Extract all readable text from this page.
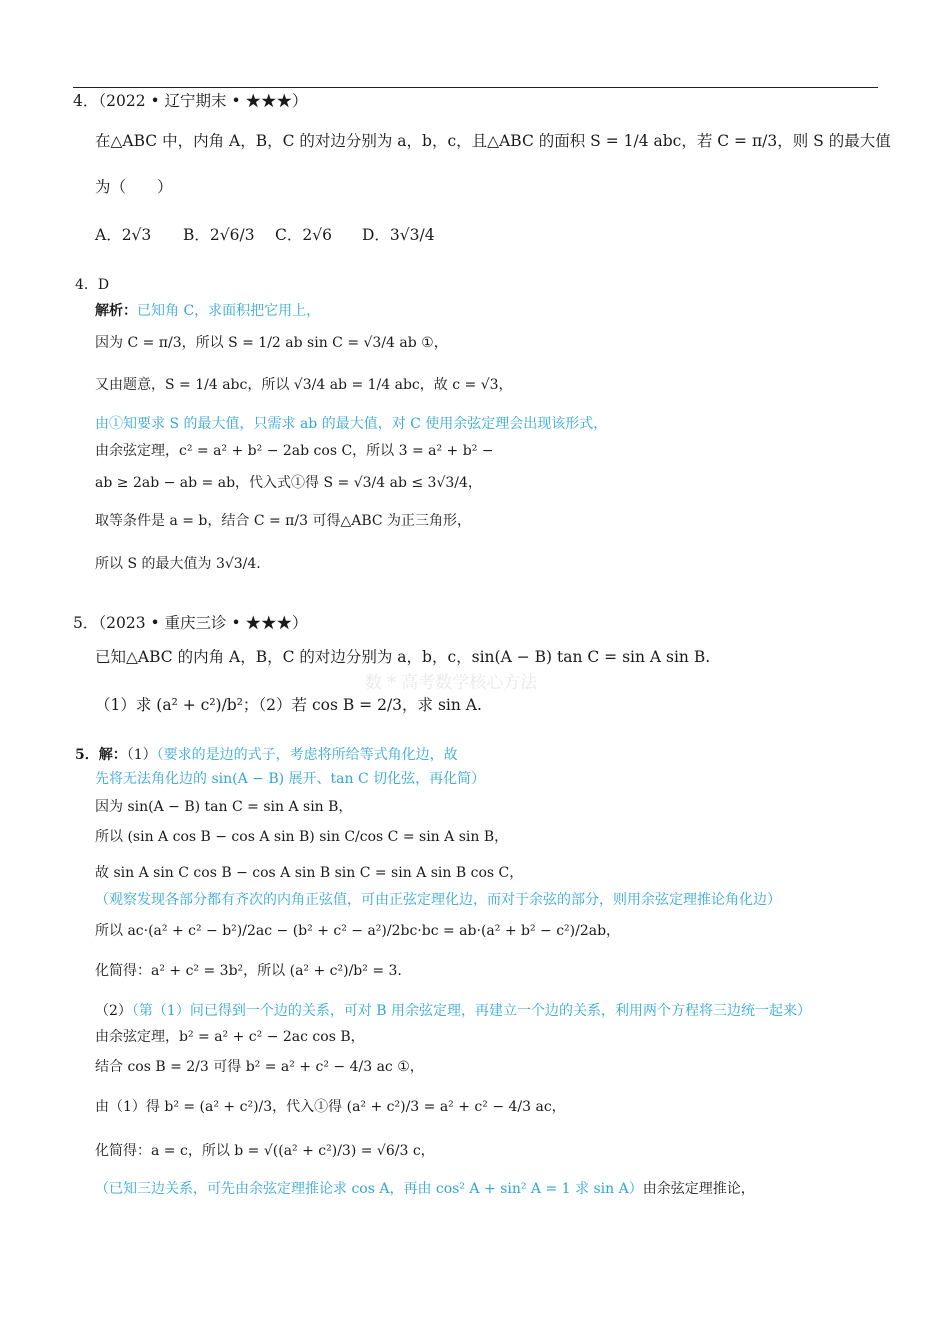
数 * 高考数学核心方法
4．（2022 • 辽宁期末 • ★★★）
在△ABC 中，内角 A，B，C 的对边分别为 a，b，c，且△ABC 的面积 S = 1/4 abc，若 C = π/3，则 S 的最大值
为（　　）
A．2√3 B．2√6/3 C．2√6 D．3√3/4
4．D
解析：已知角 C，求面积把它用上，
因为 C = π/3，所以 S = 1/2 ab sin C = √3/4 ab ①，
又由题意，S = 1/4 abc，所以 √3/4 ab = 1/4 abc，故 c = √3，
由①知要求 S 的最大值，只需求 ab 的最大值，对 C 使用余弦定理会出现该形式，
由余弦定理，c² = a² + b² − 2ab cos C，所以 3 = a² + b² −
ab ≥ 2ab − ab = ab，代入式①得 S = √3/4 ab ≤ 3√3/4，
取等条件是 a = b，结合 C = π/3 可得△ABC 为正三角形，
所以 S 的最大值为 3√3/4.
5．（2023 • 重庆三诊 • ★★★）
已知△ABC 的内角 A，B，C 的对边分别为 a，b，c，sin(A − B) tan C = sin A sin B.
（1）求 (a² + c²)/b²；（2）若 cos B = 2/3，求 sin A.
5．解：（1）（要求的是边的式子，考虑将所给等式角化边，故
先将无法角化边的 sin(A − B) 展开、tan C 切化弦，再化简）
因为 sin(A − B) tan C = sin A sin B，
所以 (sin A cos B − cos A sin B) sin C/cos C = sin A sin B，
故 sin A sin C cos B − cos A sin B sin C = sin A sin B cos C，
（观察发现各部分都有齐次的内角正弦值，可由正弦定理化边，而对于余弦的部分，则用余弦定理推论角化边）
所以 ac·(a² + c² − b²)/2ac − (b² + c² − a²)/2bc·bc = ab·(a² + b² − c²)/2ab，
化简得：a² + c² = 3b²，所以 (a² + c²)/b² = 3.
（2）（第（1）问已得到一个边的关系，可对 B 用余弦定理，再建立一个边的关系，利用两个方程将三边统一起来）
由余弦定理，b² = a² + c² − 2ac cos B，
结合 cos B = 2/3 可得 b² = a² + c² − 4/3 ac ①，
由（1）得 b² = (a² + c²)/3，代入①得 (a² + c²)/3 = a² + c² − 4/3 ac，
化简得：a = c，所以 b = √((a² + c²)/3) = √6/3 c，
（已知三边关系，可先由余弦定理推论求 cos A，再由 cos² A + sin² A = 1 求 sin A）由余弦定理推论，
